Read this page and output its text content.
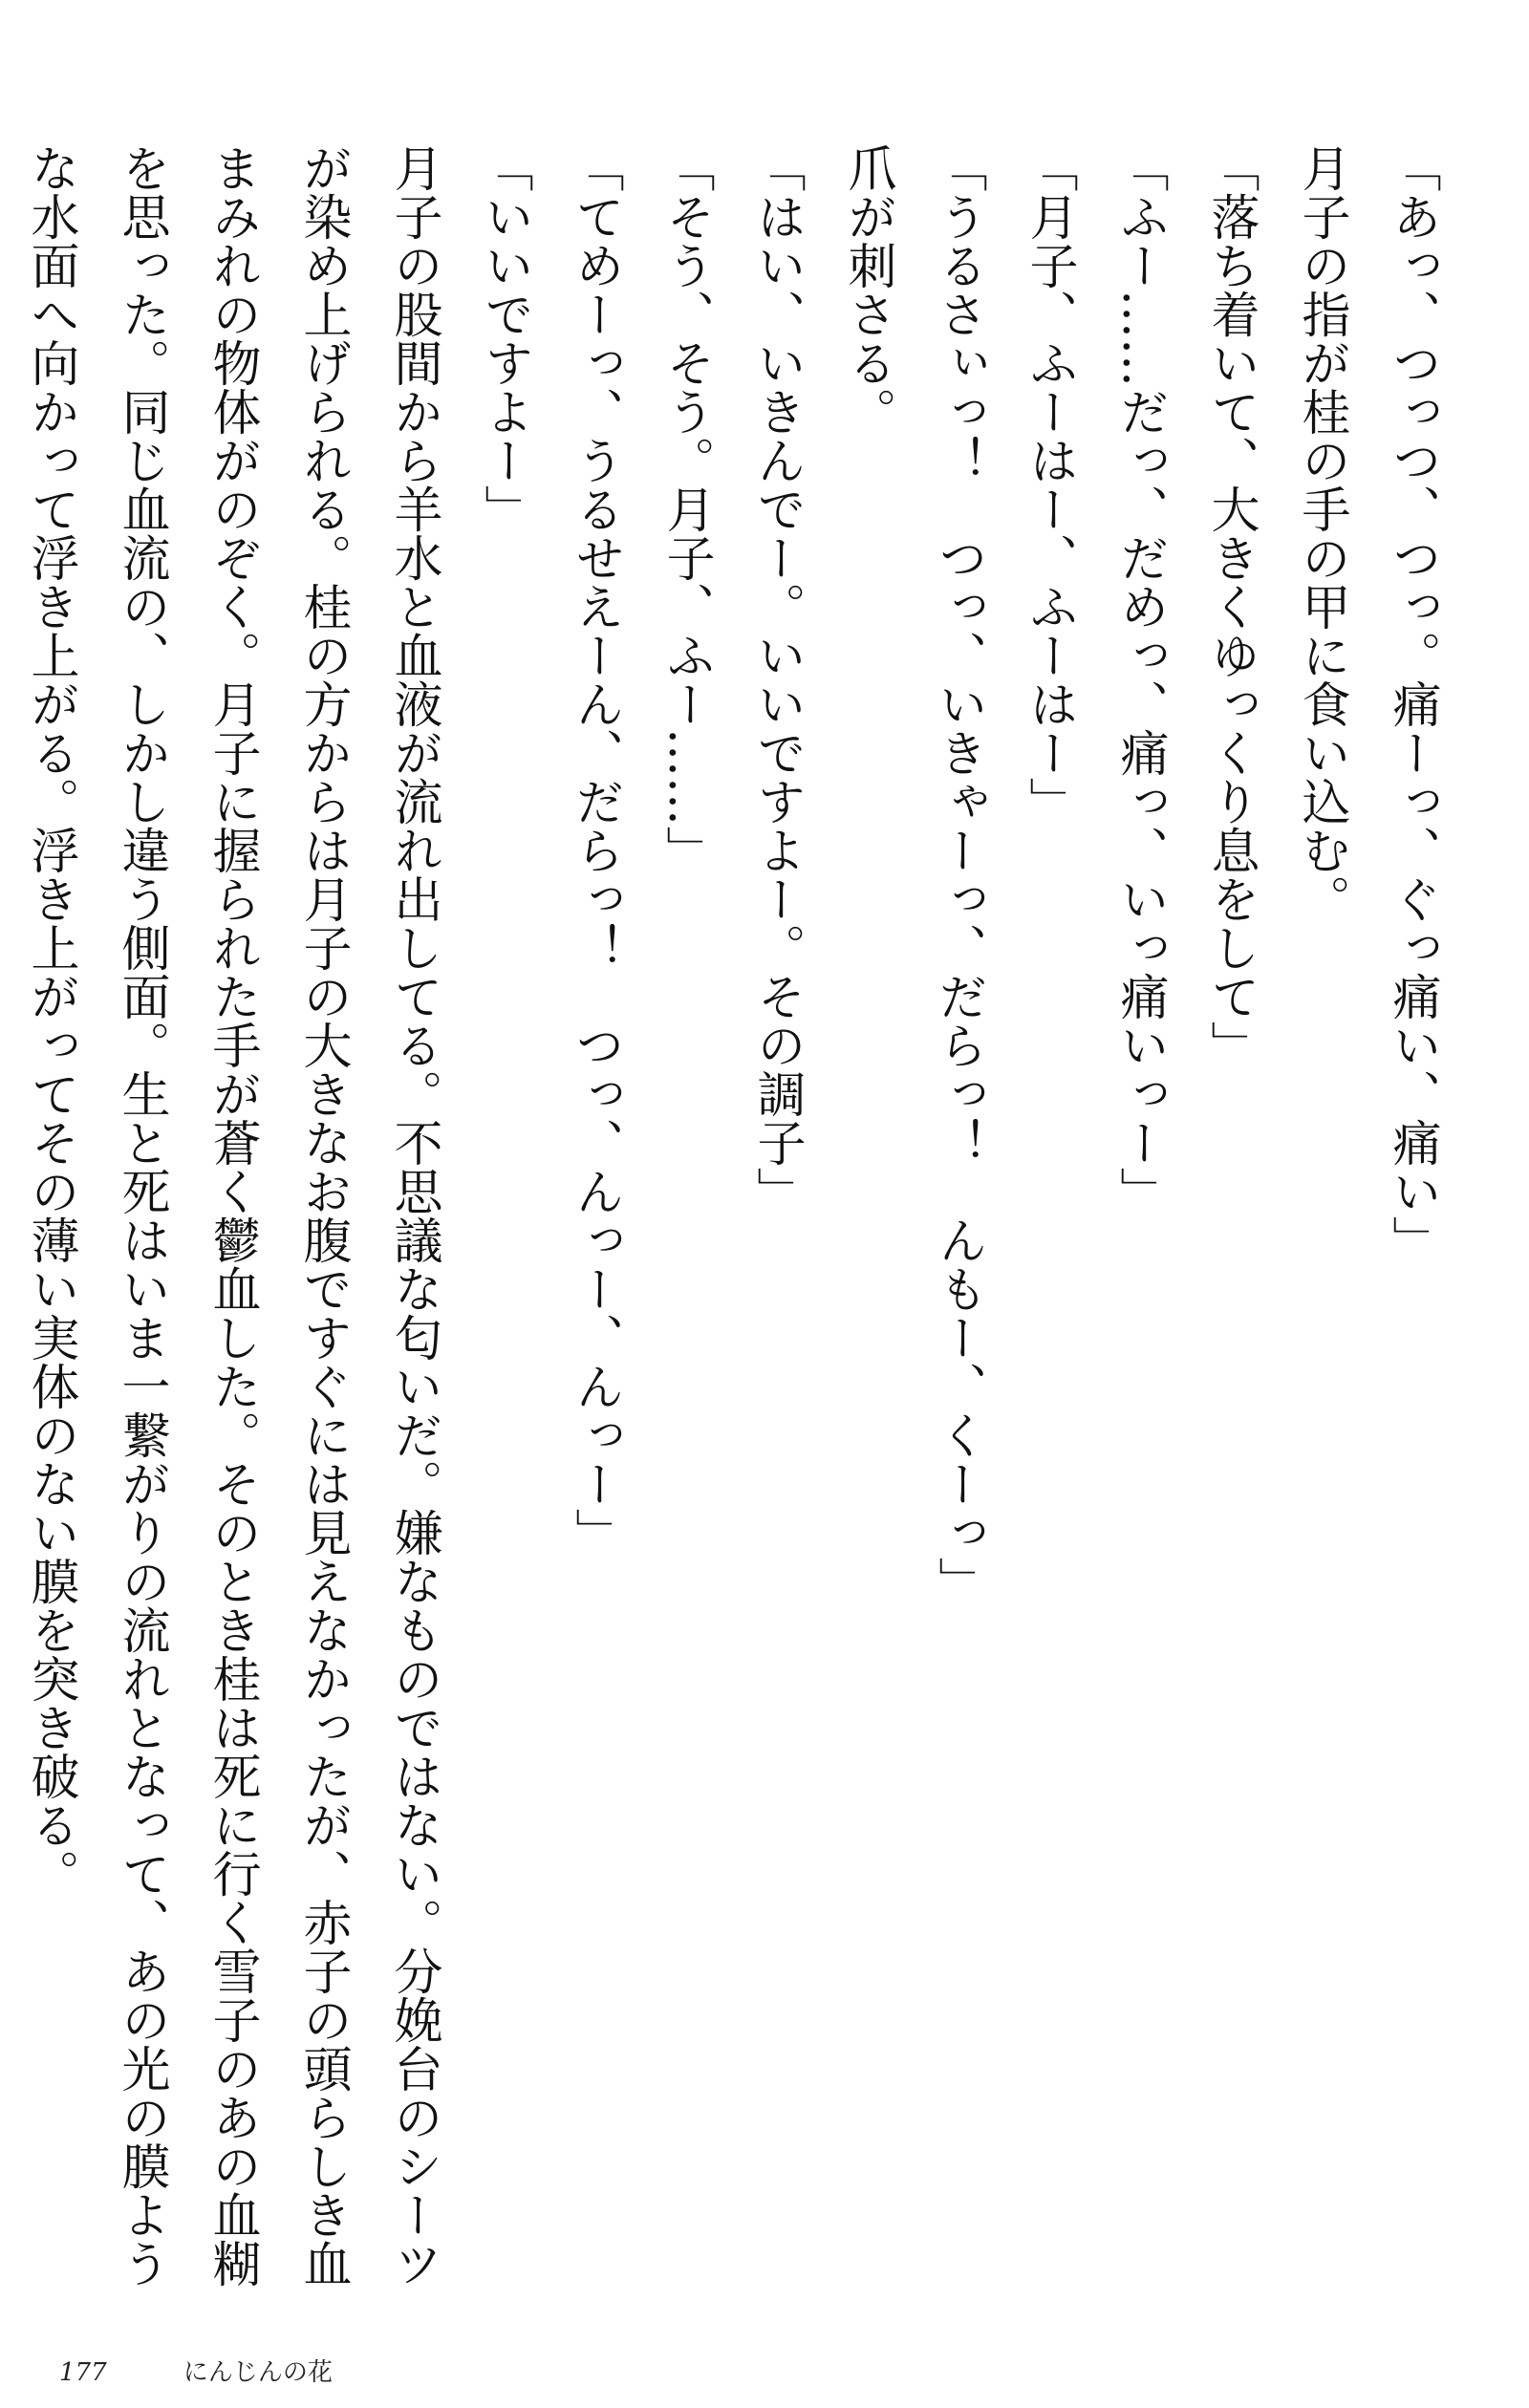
「あっ、つっつ、つっ。痛ーっ、ぐっ痛い、痛い」

月子の指が桂の手の甲に食い込む。

「落ち着いて、大きくゆっくり息をして」

「ふー……だっ、だめっ、痛っ、いっ痛いっー」

「月子、ふーはー、ふーはー」

「うるさぃっ！　つっ、いきゃーっ、だらっ！　んもー、くーっ」

爪が刺さる。

「はい、いきんでー。いいですよー。その調子」

「そう、そう。月子、ふー……」

「てめーっ、うるせえーん、だらっ！　つっ、んっー、んっー」

「いいですよー」

月子の股間から羊水と血液が流れ出してる。不思議な匂いだ。嫌なものではない。分娩台のシーツが染め上げられる。桂の方からは月子の大きなお腹ですぐには見えなかったが、赤子の頭らしき血まみれの物体がのぞく。月子に握られた手が蒼く鬱血した。そのとき桂は死に行く雪子のあの血糊を思った。同じ血流の、しかし違う側面。生と死はいま一繋がりの流れとなって、あの光の膜ような水面へ向かって浮き上がる。浮き上がってその薄い実体のない膜を突き破る。

177	にんじんの花
